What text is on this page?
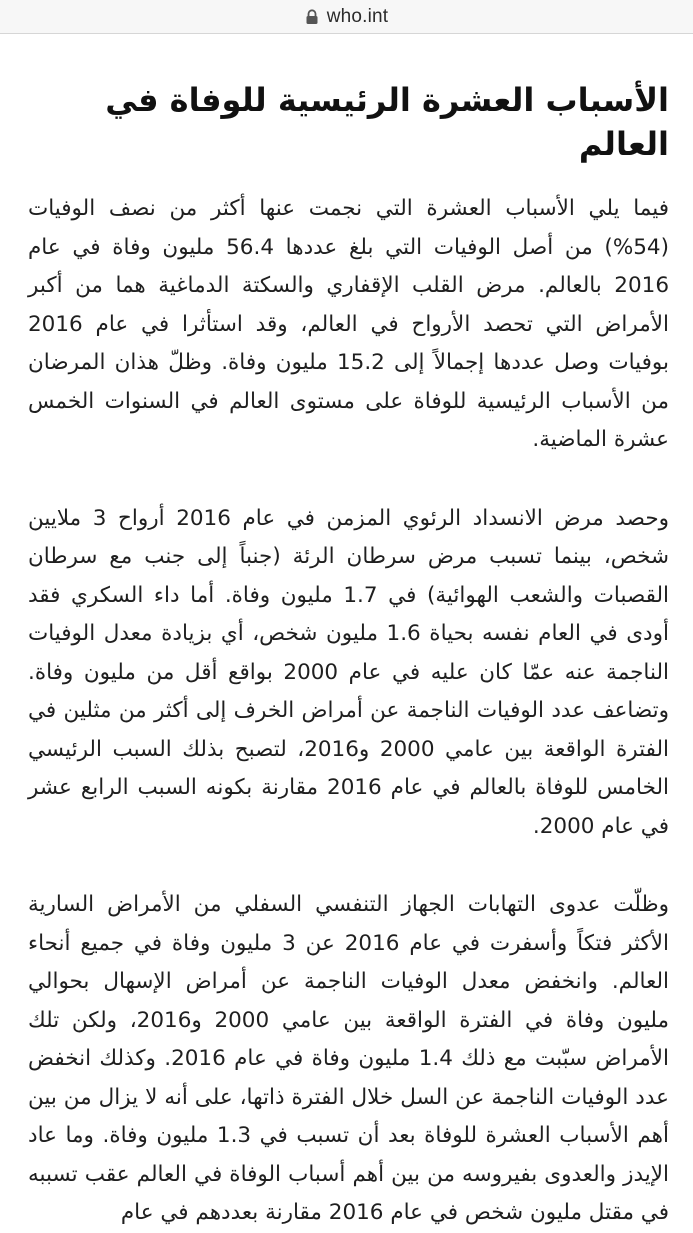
who.int
الأسباب العشرة الرئيسية للوفاة في العالم

فيما يلي الأسباب العشرة التي نجمت عنها أكثر من نصف الوفيات (54%) من أصل الوفيات التي بلغ عددها 56.4 مليون وفاة في عام 2016 بالعالم. مرض القلب الإقفاري والسكتة الدماغية هما من أكبر الأمراض التي تحصد الأرواح في العالم، وقد استأثرا في عام 2016 بوفيات وصل عددها إجمالاً إلى 15.2 مليون وفاة. وظلّ هذان المرضان من الأسباب الرئيسية للوفاة على مستوى العالم في السنوات الخمس عشرة الماضية.

وحصد مرض الانسداد الرئوي المزمن في عام 2016 أرواح 3 ملايين شخص، بينما تسبب مرض سرطان الرئة (جنباً إلى جنب مع سرطان القصبات والشعب الهوائية) في 1.7 مليون وفاة. أما داء السكري فقد أودى في العام نفسه بحياة 1.6 مليون شخص، أي بزيادة معدل الوفيات الناجمة عنه عمّا كان عليه في عام 2000 بواقع أقل من مليون وفاة. وتضاعف عدد الوفيات الناجمة عن أمراض الخرف إلى أكثر من مثلين في الفترة الواقعة بين عامي 2000 و2016، لتصبح بذلك السبب الرئيسي الخامس للوفاة بالعالم في عام 2016 مقارنة بكونه السبب الرابع عشر في عام 2000.

وظلّت عدوى التهابات الجهاز التنفسي السفلي من الأمراض السارية الأكثر فتكاً وأسفرت في عام 2016 عن 3 مليون وفاة في جميع أنحاء العالم. وانخفض معدل الوفيات الناجمة عن أمراض الإسهال بحوالي مليون وفاة في الفترة الواقعة بين عامي 2000 و2016، ولكن تلك الأمراض سبّبت مع ذلك 1.4 مليون وفاة في عام 2016. وكذلك انخفض عدد الوفيات الناجمة عن السل خلال الفترة ذاتها، على أنه لا يزال من بين أهم الأسباب العشرة للوفاة بعد أن تسبب في 1.3 مليون وفاة. وما عاد الإيدز والعدوى بفيروسه من بين أهم أسباب الوفاة في العالم عقب تسببه في مقتل مليون شخص في عام 2016 مقارنة بعددهم في عام
